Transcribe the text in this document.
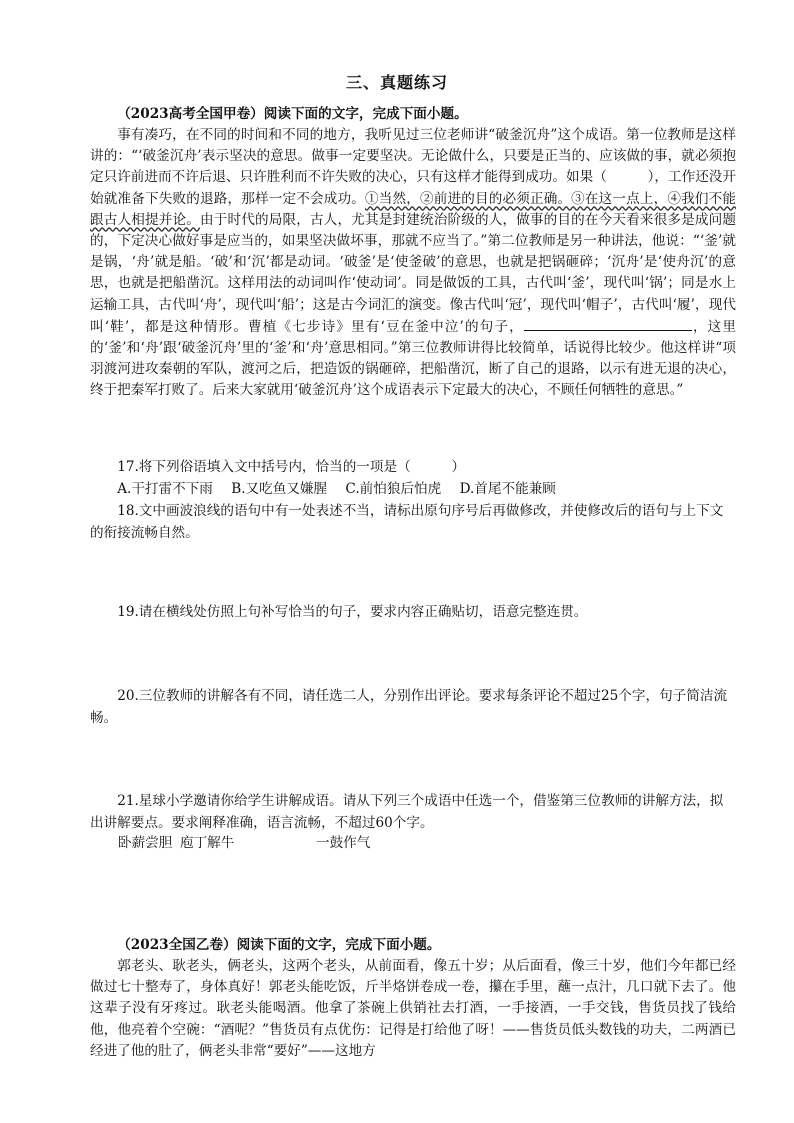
三、真题练习

（2023高考全国甲卷）阅读下面的文字，完成下面小题。

事有凑巧，在不同的时间和不同的地方，我听见过三位老师讲“破釜沉舟”这个成语。第一位教师是这样讲的：“‘破釜沉舟’表示坚决的意思。做事一定要坚决。无论做什么，只要是正当的、应该做的事，就必须抱定只许前进而不许后退、只许胜利而不许失败的决心，只有这样才能得到成功。如果（　　　），工作还没开始就准备下失败的退路，那样一定不会成功。①当然，②前进的目的必须正确。③在这一点上，④我们不能跟古人相提并论。由于时代的局限，古人，尤其是封建统治阶级的人，做事的目的在今天看来很多是成问题的，下定决心做好事是应当的，如果坚决做坏事，那就不应当了。”第二位教师是另一种讲法，他说：“‘釜’就是锅，‘舟’就是船。‘破’和‘沉’都是动词。‘破釜’是‘使釜破’的意思，也就是把锅砸碎；‘沉舟’是‘使舟沉’的意思，也就是把船凿沉。这样用法的动词叫作‘使动词’。同是做饭的工具，古代叫‘釜’，现代叫‘锅’；同是水上运输工具，古代叫‘舟’，现代叫‘船’；这是古今词汇的演变。像古代叫‘冠’，现代叫‘帽子’，古代叫‘履’，现代叫‘鞋’，都是这种情形。曹植《七步诗》里有‘豆在釜中泣’的句子，	，这里的‘釜’和‘舟’跟‘破釜沉舟’里的‘釜’和‘舟’意思相同。”第三位教师讲得比较简单，话说得比较少。他这样讲“项羽渡河进攻秦朝的军队，渡河之后，把造饭的锅砸碎，把船凿沉，断了自己的退路，以示有进无退的决心，终于把秦军打败了。后来大家就用‘破釜沉舟’这个成语表示下定最大的决心，不顾任何牺牲的意思。”

17.将下列俗语填入文中括号内，恰当的一项是（　　　）

A.干打雷不下雨 B.又吃鱼又嫌腥 C.前怕狼后怕虎 D.首尾不能兼顾

18.文中画波浪线的语句中有一处表述不当，请标出原句序号后再做修改，并使修改后的语句与上下文的衔接流畅自然。

19.请在横线处仿照上句补写恰当的句子，要求内容正确贴切，语意完整连贯。

20.三位教师的讲解各有不同，请任选二人，分别作出评论。要求每条评论不超过25个字，句子简洁流畅。

21.星球小学邀请你给学生讲解成语。请从下列三个成语中任选一个，借鉴第三位教师的讲解方法，拟出讲解要点。要求阐释准确，语言流畅，不超过60个字。

卧薪尝胆 庖丁解牛	一鼓作气

（2023全国乙卷）阅读下面的文字，完成下面小题。

郭老头、耿老头，俩老头，这两个老头，从前面看，像五十岁；从后面看，像三十岁，他们今年都已经做过七十整寿了，身体真好！郭老头能吃饭，斤半烙饼卷成一卷，攥在手里，蘸一点汁，几口就下去了。他这辈子没有牙疼过。耿老头能喝酒。他拿了茶碗上供销社去打酒，一手接酒，一手交钱，售货员找了钱给他，他亮着个空碗：“酒呢？”售货员有点优伤：记得是打给他了呀！——售货员低头数钱的功夫，二两酒已经进了他的肚了，俩老头非常“要好”——这地方
